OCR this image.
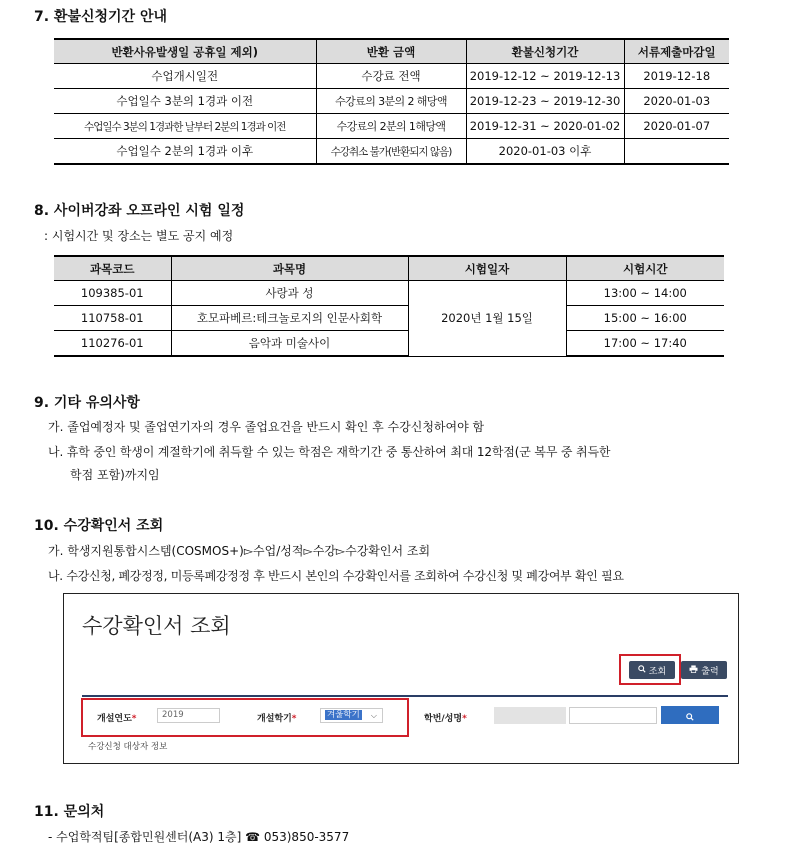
7. 환불신청기간 안내
반환사유발생일 공휴일 제외)	반환 금액	환불신청기간	서류제출마감일
수업개시일전	수강료 전액	2019-12-12 ~ 2019-12-13	2019-12-18
수업일수 3분의 1경과 이전	수강료의 3분의 2 해당액	2019-12-23 ~ 2019-12-30	2020-01-03
수업일수 3분의 1경과한 날부터 2분의 1경과 이전	수강료의 2분의 1해당액	2019-12-31 ~ 2020-01-02	2020-01-07
수업일수 2분의 1경과 이후	수강취소 불가(반환되지 않음)	2020-01-03 이후	
8. 사이버강좌 오프라인 시험 일정
: 시험시간 및 장소는 별도 공지 예정
과목코드	과목명	시험일자	시험시간
109385-01	사랑과 성	2020년 1월 15일	13:00 ~ 14:00
110758-01	호모파베르:테크놀로지의 인문사회학		15:00 ~ 16:00
110276-01	음악과 미술사이		17:00 ~ 17:40
9. 기타 유의사항
가. 졸업예정자 및 졸업연기자의 경우 졸업요건을 반드시 확인 후 수강신청하여야 함
나. 휴학 중인 학생이 계절학기에 취득할 수 있는 학점은 재학기간 중 통산하여 최대 12학점(군 복무 중 취득한
학점 포함)까지임
10. 수강확인서 조회
가. 학생지원통합시스템(COSMOS+)▻수업/성적▻수강▻수강확인서 조회
나. 수강신청, 폐강정정, 미등록폐강정정 후 반드시 본인의 수강확인서를 조회하여 수강신청 및 폐강여부 확인 필요
수강확인서 조회
조회	출력
개설연도*	2019	개설학기*	겨울학기 ⌵	학번/성명*
수강신청 대상자 정보
11. 문의처
- 수업학적팀[종합민원센터(A3) 1층] ☎ 053)850-3577
